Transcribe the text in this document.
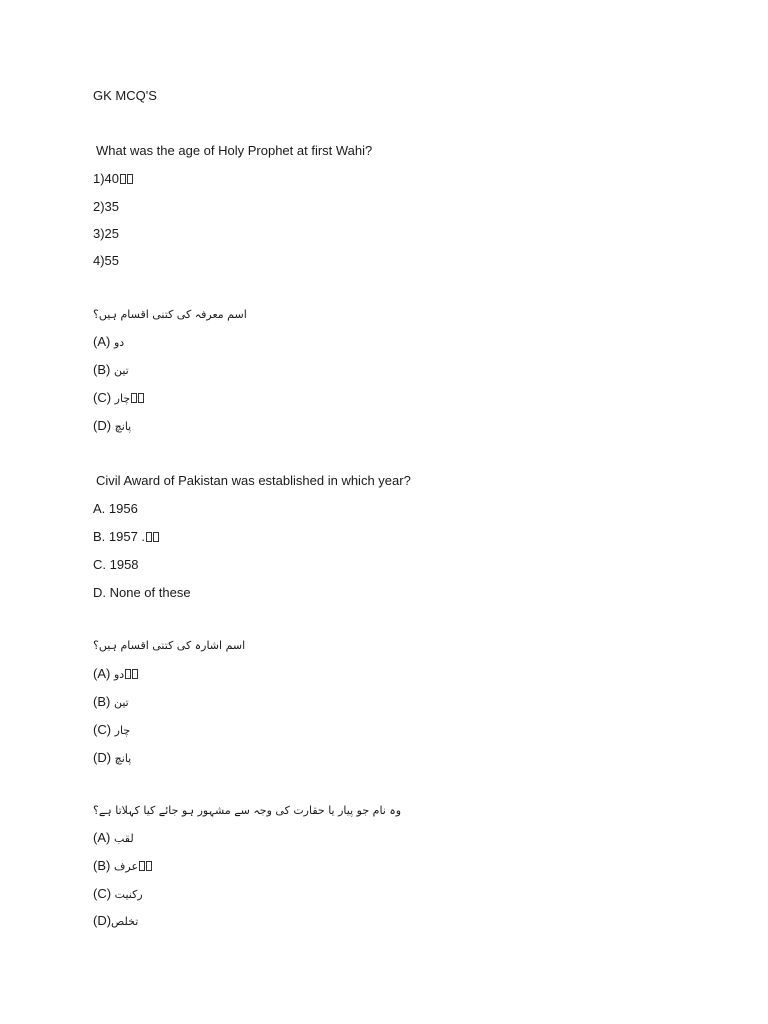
GK MCQ'S
What was the age of Holy Prophet at first Wahi?
1)40
2)35
3)25
4)55
اسم معرفہ کی کتنی اقسام ہیں؟
(A) دو
(B) تین
(C) چار
(D) پانچ
Civil Award of Pakistan was established in which year?
A. 1956
B. 1957 .
C. 1958
D. None of these
اسم اشارہ کی کتنی اقسام ہیں؟
(A) دو
(B) تین
(C) چار
(D) پانچ
وہ نام جو پیار یا حقارت کی وجہ سے مشہور ہو جائے کیا کہلاتا ہے؟
(A) لقب
(B) عرف
(C) رکنیت
(D)تخلص
